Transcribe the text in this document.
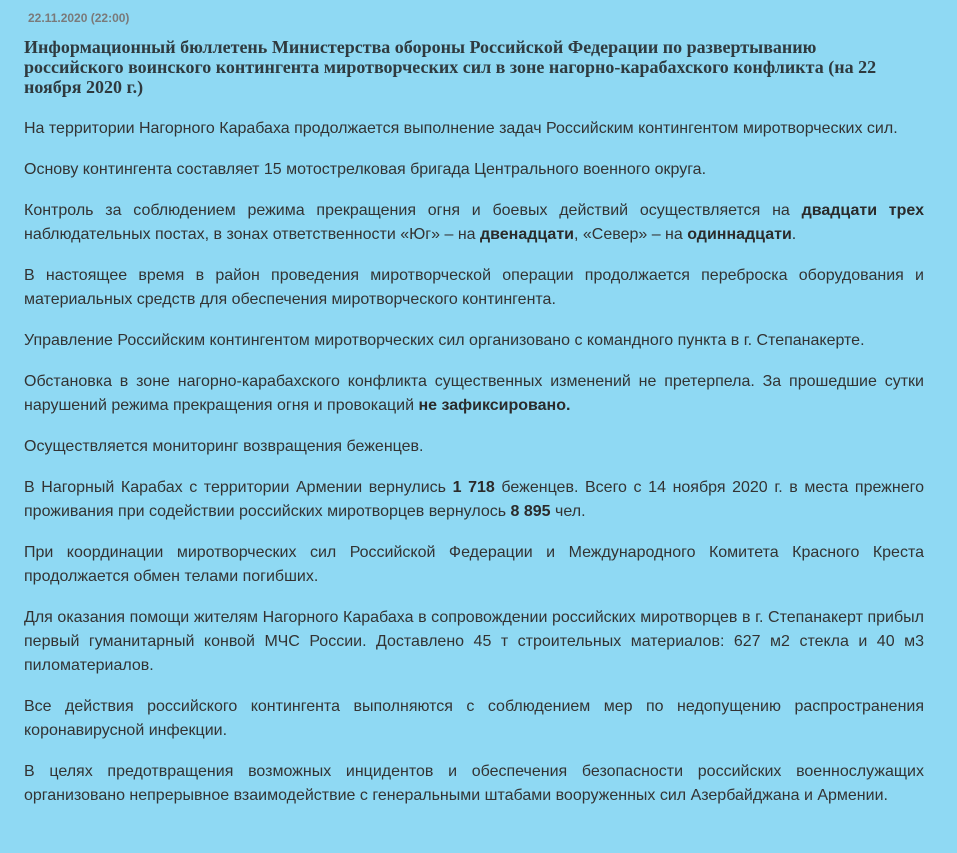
22.11.2020 (22:00)
Информационный бюллетень Министерства обороны Российской Федерации по развертыванию российского воинского контингента миротворческих сил в зоне нагорно-карабахского конфликта (на 22 ноября 2020 г.)

На территории Нагорного Карабаха продолжается выполнение задач Российским контингентом миротворческих сил.

Основу контингента составляет 15 мотострелковая бригада Центрального военного округа.

Контроль за соблюдением режима прекращения огня и боевых действий осуществляется на двадцати трех наблюдательных постах, в зонах ответственности «Юг» – на двенадцати, «Север» – на одиннадцати.

В настоящее время в район проведения миротворческой операции продолжается переброска оборудования и материальных средств для обеспечения миротворческого контингента.

Управление Российским контингентом миротворческих сил организовано с командного пункта в г. Степанакерте.

Обстановка в зоне нагорно-карабахского конфликта существенных изменений не претерпела. За прошедшие сутки нарушений режима прекращения огня и провокаций не зафиксировано.

Осуществляется мониторинг возвращения беженцев.

В Нагорный Карабах с территории Армении вернулись 1 718 беженцев. Всего с 14 ноября 2020 г. в места прежнего проживания при содействии российских миротворцев вернулось 8 895 чел.

При координации миротворческих сил Российской Федерации и Международного Комитета Красного Креста продолжается обмен телами погибших.

Для оказания помощи жителям Нагорного Карабаха в сопровождении российских миротворцев в г. Степанакерт прибыл первый гуманитарный конвой МЧС России. Доставлено 45 т строительных материалов: 627 м2 стекла и 40 м3 пиломатериалов.

Все действия российского контингента выполняются с соблюдением мер по недопущению распространения коронавирусной инфекции.

В целях предотвращения возможных инцидентов и обеспечения безопасности российских военнослужащих организовано непрерывное взаимодействие с генеральными штабами вооруженных сил Азербайджана и Армении.
